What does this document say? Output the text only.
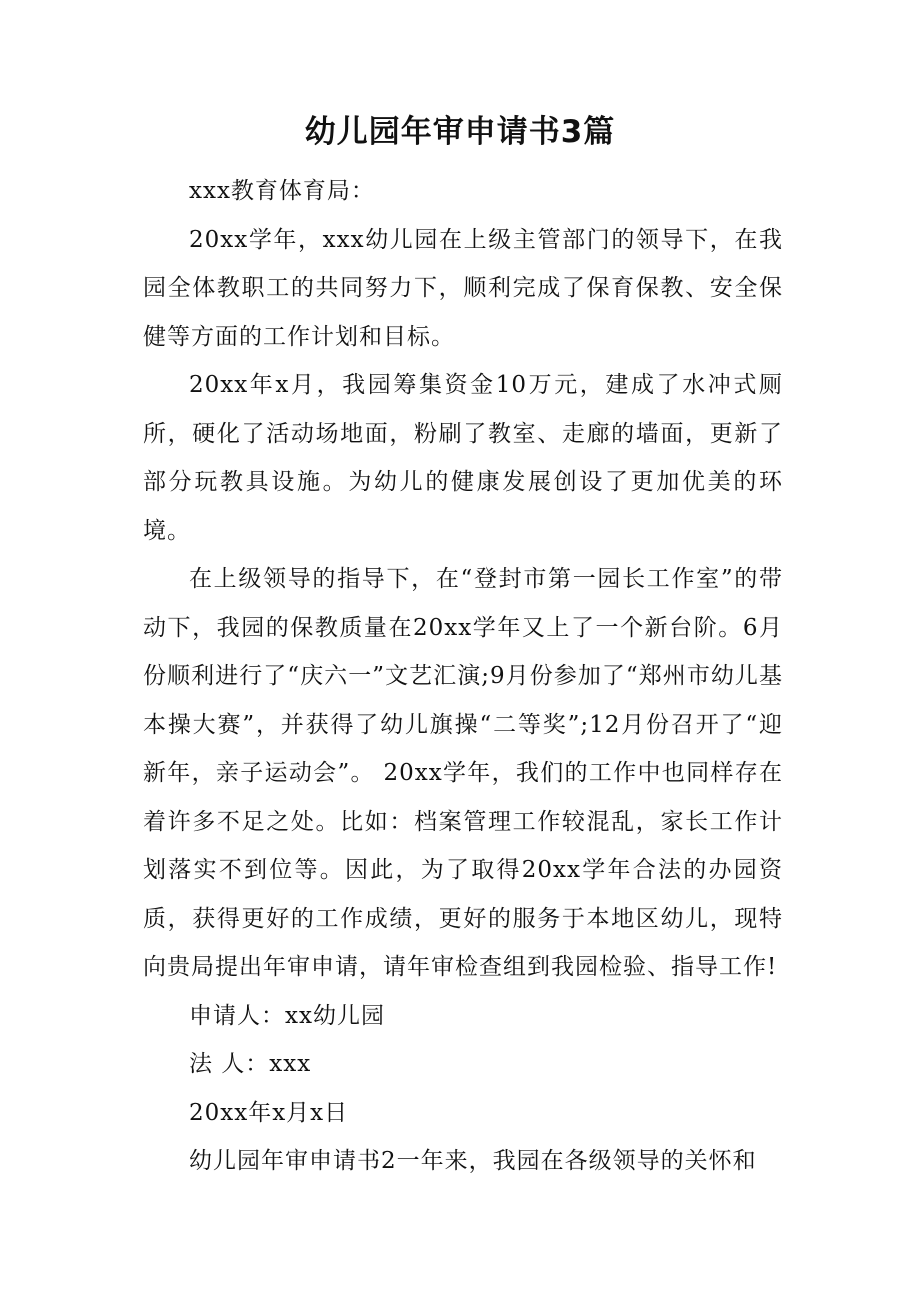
幼儿园年审申请书3篇

xxx教育体育局：

20xx学年，xxx幼儿园在上级主管部门的领导下，在我园全体教职工的共同努力下，顺利完成了保育保教、安全保健等方面的工作计划和目标。

20xx年x月，我园筹集资金10万元，建成了水冲式厕所，硬化了活动场地面，粉刷了教室、走廊的墙面，更新了部分玩教具设施。为幼儿的健康发展创设了更加优美的环境。

在上级领导的指导下，在“登封市第一园长工作室”的带动下，我园的保教质量在20xx学年又上了一个新台阶。6月份顺利进行了“庆六一”文艺汇演;9月份参加了“郑州市幼儿基本操大赛”，并获得了幼儿旗操“二等奖”;12月份召开了“迎新年，亲子运动会”。 20xx学年，我们的工作中也同样存在着许多不足之处。比如：档案管理工作较混乱，家长工作计划落实不到位等。因此，为了取得20xx学年合法的办园资质，获得更好的工作成绩，更好的服务于本地区幼儿，现特向贵局提出年审申请，请年审检查组到我园检验、指导工作!

申请人：xx幼儿园

法 人：xxx

20xx年x月x日

幼儿园年审申请书2一年来，我园在各级领导的关怀和
